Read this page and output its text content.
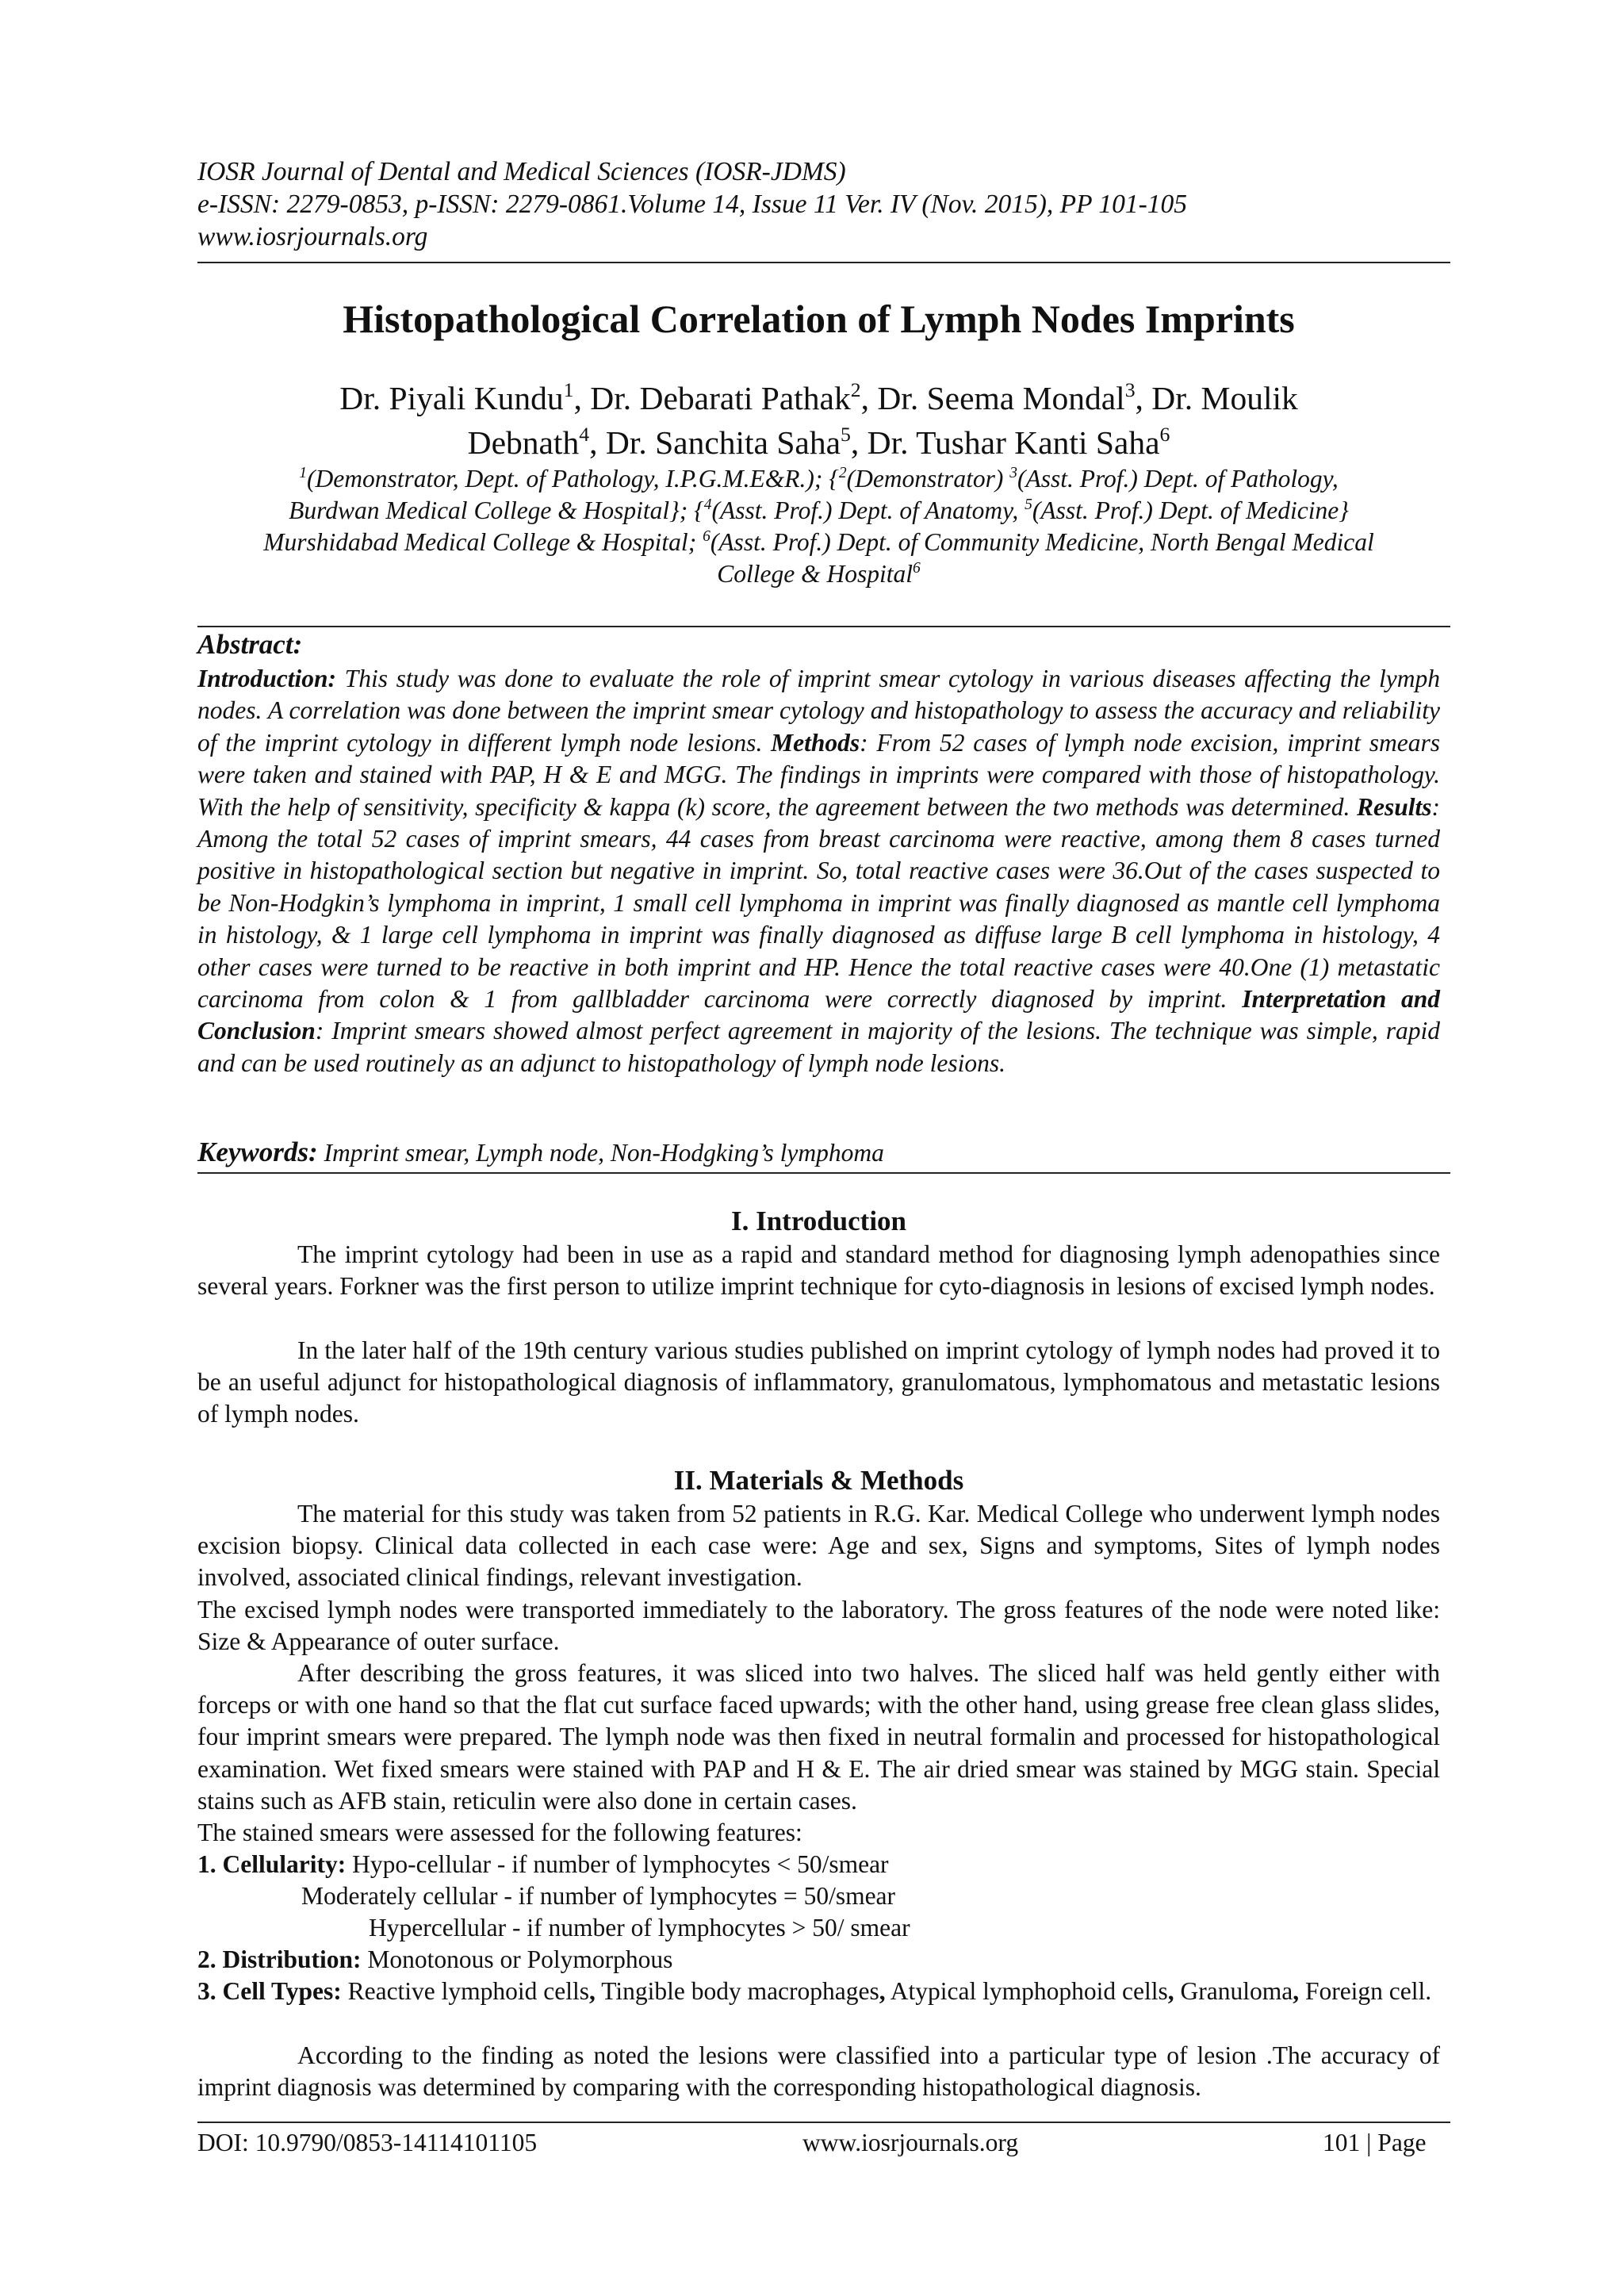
IOSR Journal of Dental and Medical Sciences (IOSR-JDMS)
e-ISSN: 2279-0853, p-ISSN: 2279-0861.Volume 14, Issue 11 Ver. IV (Nov. 2015), PP 101-105
www.iosrjournals.org
Histopathological Correlation of Lymph Nodes Imprints
Dr. Piyali Kundu$^1$, Dr. Debarati Pathak$^2$, Dr. Seema Mondal$^3$, Dr. Moulik
Debnath$^4$, Dr. Sanchita Saha$^5$, Dr. Tushar Kanti Saha$^6$
$^1$(Demonstrator, Dept. of Pathology, I.P.G.M.E&R.); {$^2$(Demonstrator) $^3$(Asst. Prof.) Dept. of Pathology,
Burdwan Medical College & Hospital}; {$^4$(Asst. Prof.) Dept. of Anatomy, $^5$(Asst. Prof.) Dept. of Medicine}
Murshidabad Medical College & Hospital; $^6$(Asst. Prof.) Dept. of Community Medicine, North Bengal Medical
College & Hospital$^6$
Abstract:
Introduction: This study was done to evaluate the role of imprint smear cytology in various diseases affecting the lymph nodes. A correlation was done between the imprint smear cytology and histopathology to assess the accuracy and reliability of the imprint cytology in different lymph node lesions. Methods: From 52 cases of lymph node excision, imprint smears were taken and stained with PAP, H & E and MGG. The findings in imprints were compared with those of histopathology. With the help of sensitivity, specificity & kappa (k) score, the agreement between the two methods was determined. Results: Among the total 52 cases of imprint smears, 44 cases from breast carcinoma were reactive, among them 8 cases turned positive in histopathological section but negative in imprint. So, total reactive cases were 36.Out of the cases suspected to be Non-Hodgkin’s lymphoma in imprint, 1 small cell lymphoma in imprint was finally diagnosed as mantle cell lymphoma in histology, & 1 large cell lymphoma in imprint was finally diagnosed as diffuse large B cell lymphoma in histology, 4 other cases were turned to be reactive in both imprint and HP. Hence the total reactive cases were 40.One (1) metastatic carcinoma from colon & 1 from gallbladder carcinoma were correctly diagnosed by imprint. Interpretation and Conclusion: Imprint smears showed almost perfect agreement in majority of the lesions. The technique was simple, rapid and can be used routinely as an adjunct to histopathology of lymph node lesions.
Keywords: Imprint smear, Lymph node, Non-Hodgking’s lymphoma
I. Introduction
The imprint cytology had been in use as a rapid and standard method for diagnosing lymph adenopathies since several years. Forkner was the first person to utilize imprint technique for cyto-diagnosis in lesions of excised lymph nodes.
In the later half of the 19th century various studies published on imprint cytology of lymph nodes had proved it to be an useful adjunct for histopathological diagnosis of inflammatory, granulomatous, lymphomatous and metastatic lesions of lymph nodes.
II. Materials & Methods
The material for this study was taken from 52 patients in R.G. Kar. Medical College who underwent lymph nodes excision biopsy. Clinical data collected in each case were: Age and sex, Signs and symptoms, Sites of lymph nodes involved, associated clinical findings, relevant investigation.
The excised lymph nodes were transported immediately to the laboratory. The gross features of the node were noted like: Size & Appearance of outer surface.
After describing the gross features, it was sliced into two halves. The sliced half was held gently either with forceps or with one hand so that the flat cut surface faced upwards; with the other hand, using grease free clean glass slides, four imprint smears were prepared. The lymph node was then fixed in neutral formalin and processed for histopathological examination. Wet fixed smears were stained with PAP and H & E. The air dried smear was stained by MGG stain. Special stains such as AFB stain, reticulin were also done in certain cases.
The stained smears were assessed for the following features:
1. Cellularity: Hypo-cellular - if number of lymphocytes < 50/smear
Moderately cellular - if number of lymphocytes = 50/smear
Hypercellular - if number of lymphocytes > 50/ smear
2. Distribution: Monotonous or Polymorphous
3. Cell Types: Reactive lymphoid cells, Tingible body macrophages, Atypical lymphophoid cells, Granuloma, Foreign cell.
According to the finding as noted the lesions were classified into a particular type of lesion .The accuracy of imprint diagnosis was determined by comparing with the corresponding histopathological diagnosis.
DOI: 10.9790/0853-14114101105	www.iosrjournals.org	101 | Page
